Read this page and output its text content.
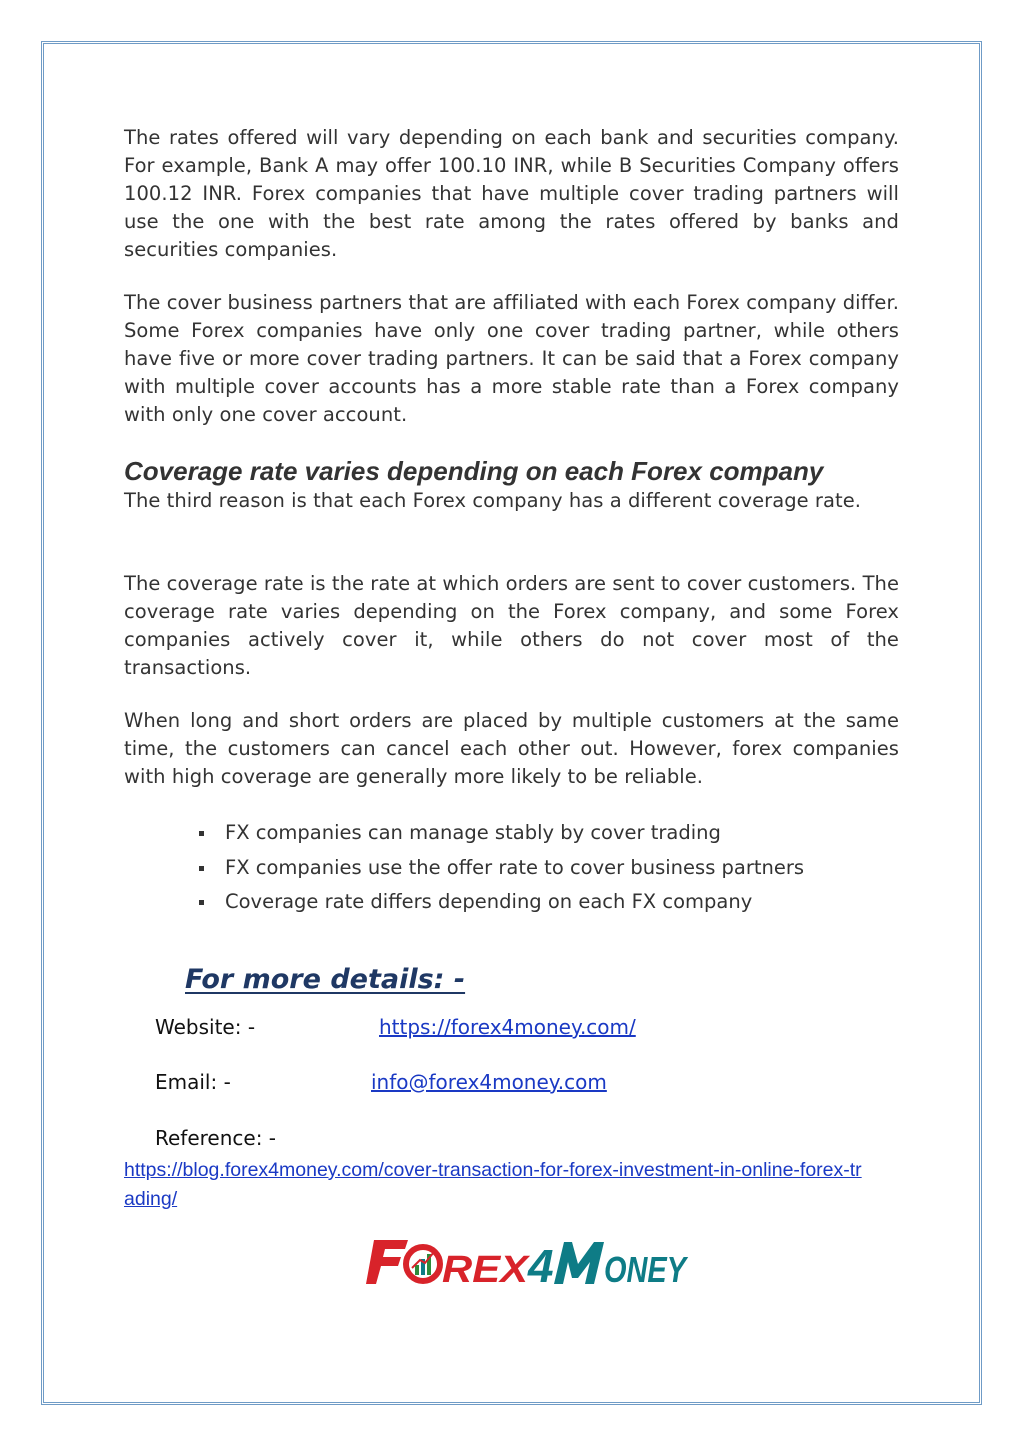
The rates offered will vary depending on each bank and securities company. For example, Bank A may offer 100.10 INR, while B Securities Company offers 100.12 INR. Forex companies that have multiple cover trading partners will use the one with the best rate among the rates offered by banks and securities companies.

The cover business partners that are affiliated with each Forex company differ. Some Forex companies have only one cover trading partner, while others have five or more cover trading partners. It can be said that a Forex company with multiple cover accounts has a more stable rate than a Forex company with only one cover account.

Coverage rate varies depending on each Forex company

The third reason is that each Forex company has a different coverage rate.

The coverage rate is the rate at which orders are sent to cover customers. The coverage rate varies depending on the Forex company, and some Forex companies actively cover it, while others do not cover most of the transactions.

When long and short orders are placed by multiple customers at the same time, the customers can cancel each other out. However, forex companies with high coverage are generally more likely to be reliable.

FX companies can manage stably by cover trading
FX companies use the offer rate to cover business partners
Coverage rate differs depending on each FX company
For more details: -
Website: -	https://forex4money.com/
Email: -	info@forex4money.com
Reference: -
https://blog.forex4money.com/cover-transaction-for-forex-investment-in-online-forex-trading/
REX
4 ONEY
